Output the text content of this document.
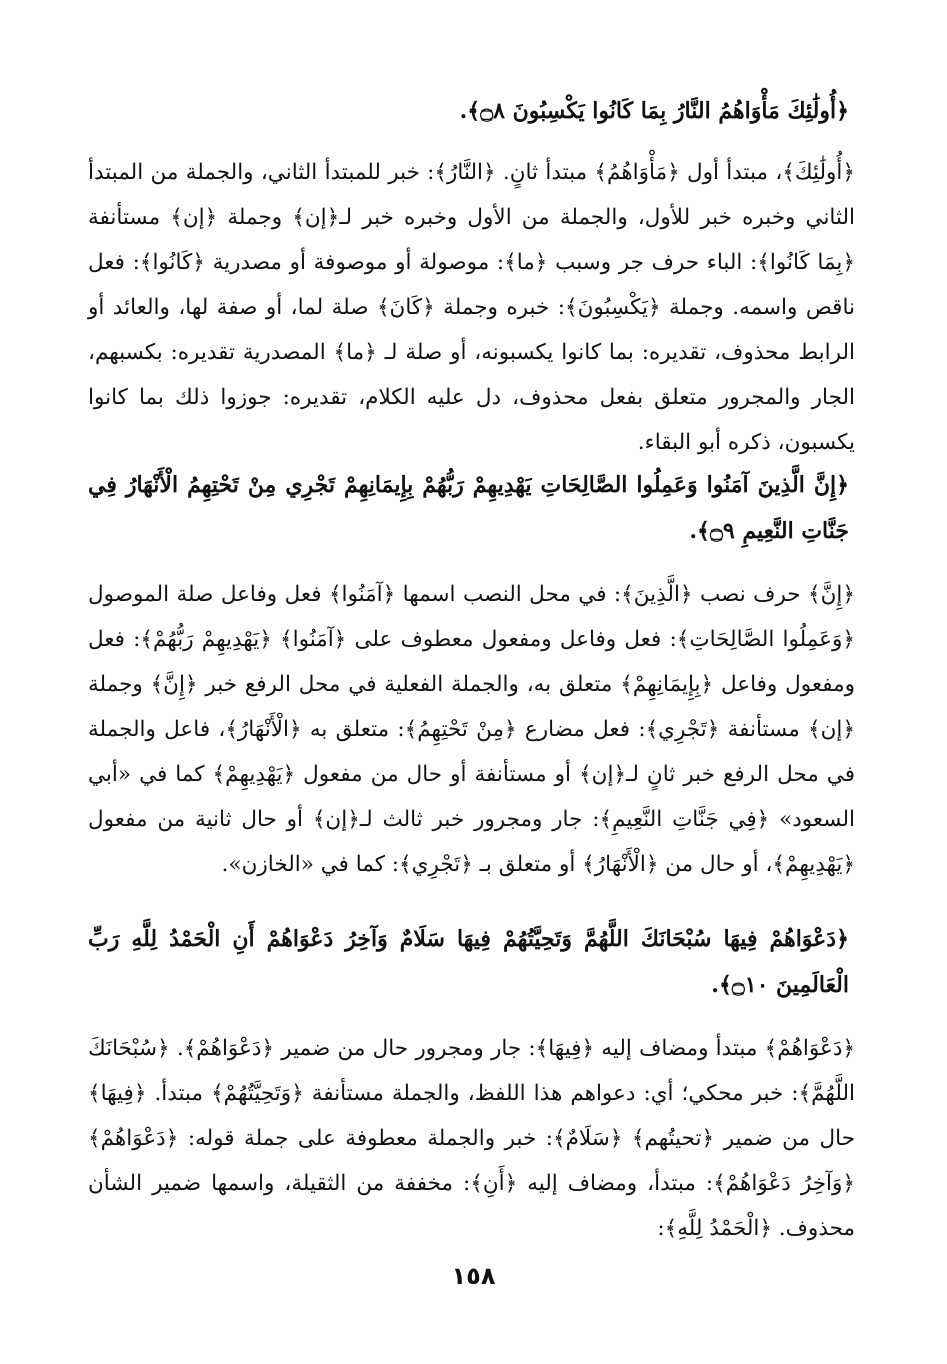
﴿أُولَٰئِكَ مَأْوَاهُمُ النَّارُ بِمَا كَانُوا يَكْسِبُونَ ۝٨﴾.
﴿أُولَٰئِكَ﴾، مبتدأ أول ﴿مَأْوَاهُمُ﴾ مبتدأ ثانٍ. ﴿النَّارُ﴾: خبر للمبتدأ الثاني، والجملة من المبتدأ الثاني وخبره خبر للأول، والجملة من الأول وخبره خبر لـ﴿إن﴾ وجملة ﴿إن﴾ مستأنفة ﴿بِمَا كَانُوا﴾: الباء حرف جر وسبب ﴿ما﴾: موصولة أو موصوفة أو مصدرية ﴿كَانُوا﴾: فعل ناقص واسمه. وجملة ﴿يَكْسِبُونَ﴾: خبره وجملة ﴿كَانَ﴾ صلة لما، أو صفة لها، والعائد أو الرابط محذوف، تقديره: بما كانوا يكسبونه، أو صلة لـ ﴿ما﴾ المصدرية تقديره: بكسبهم، الجار والمجرور متعلق بفعل محذوف، دل عليه الكلام، تقديره: جوزوا ذلك بما كانوا يكسبون، ذكره أبو البقاء.
﴿إِنَّ الَّذِينَ آمَنُوا وَعَمِلُوا الصَّالِحَاتِ يَهْدِيهِمْ رَبُّهُمْ بِإِيمَانِهِمْ تَجْرِي مِنْ تَحْتِهِمُ الْأَنْهَارُ فِي جَنَّاتِ النَّعِيمِ ۝٩﴾.
﴿إِنَّ﴾ حرف نصب ﴿الَّذِينَ﴾: في محل النصب اسمها ﴿آمَنُوا﴾ فعل وفاعل صلة الموصول ﴿وَعَمِلُوا الصَّالِحَاتِ﴾: فعل وفاعل ومفعول معطوف على ﴿آمَنُوا﴾ ﴿يَهْدِيهِمْ رَبُّهُمْ﴾: فعل ومفعول وفاعل ﴿بِإِيمَانِهِمْ﴾ متعلق به، والجملة الفعلية في محل الرفع خبر ﴿إِنَّ﴾ وجملة ﴿إن﴾ مستأنفة ﴿تَجْرِي﴾: فعل مضارع ﴿مِنْ تَحْتِهِمُ﴾: متعلق به ﴿الْأَنْهَارُ﴾، فاعل والجملة في محل الرفع خبر ثانٍ لـ﴿إن﴾ أو مستأنفة أو حال من مفعول ﴿يَهْدِيهِمْ﴾ كما في «أبي السعود» ﴿فِي جَنَّاتِ النَّعِيمِ﴾: جار ومجرور خبر ثالث لـ﴿إن﴾ أو حال ثانية من مفعول ﴿يَهْدِيهِمْ﴾، أو حال من ﴿الْأَنْهَارُ﴾ أو متعلق بـ ﴿تَجْرِي﴾: كما في «الخازن».
﴿دَعْوَاهُمْ فِيهَا سُبْحَانَكَ اللَّهُمَّ وَتَحِيَّتُهُمْ فِيهَا سَلَامٌ وَآخِرُ دَعْوَاهُمْ أَنِ الْحَمْدُ لِلَّهِ رَبِّ الْعَالَمِينَ ۝١٠﴾.
﴿دَعْوَاهُمْ﴾ مبتدأ ومضاف إليه ﴿فِيهَا﴾: جار ومجرور حال من ضمير ﴿دَعْوَاهُمْ﴾. ﴿سُبْحَانَكَ اللَّهُمَّ﴾: خبر محكي؛ أي: دعواهم هذا اللفظ، والجملة مستأنفة ﴿وَتَحِيَّتُهُمْ﴾ مبتدأ. ﴿فِيهَا﴾ حال من ضمير ﴿تحيتُهم﴾ ﴿سَلَامٌ﴾: خبر والجملة معطوفة على جملة قوله: ﴿دَعْوَاهُمْ﴾ ﴿وَآخِرُ دَعْوَاهُمْ﴾: مبتدأ، ومضاف إليه ﴿أَنِ﴾: مخففة من الثقيلة، واسمها ضمير الشأن محذوف. ﴿الْحَمْدُ لِلَّهِ﴾:
١٥٨
